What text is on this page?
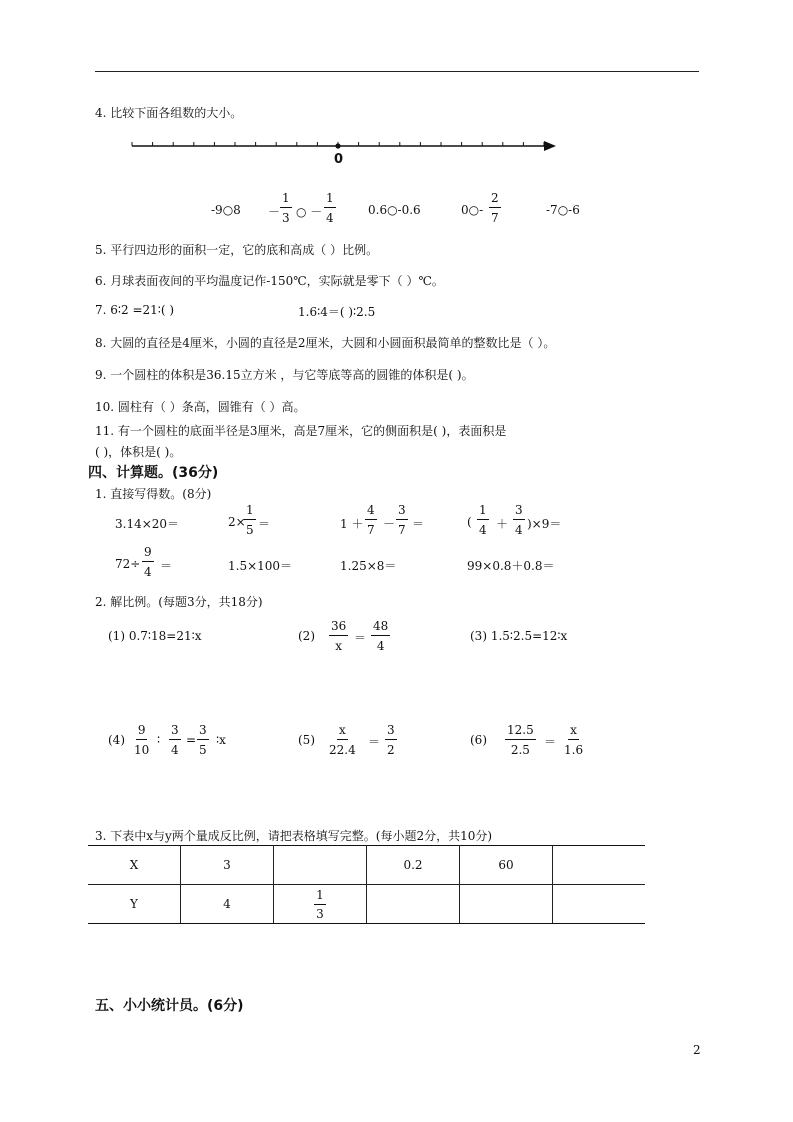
4. 比较下面各组数的大小。
0
-9○8 － $\frac{1}{3}$ ○ － $\frac{1}{4}$	0.6○-0.6	0○- $\frac{2}{7}$	-7○-6
5. 平行四边形的面积一定，它的底和高成（ ）比例。
6. 月球表面夜间的平均温度记作-150℃，实际就是零下（ ）℃。
7. 6∶2 =21∶( )	1.6∶4＝( )∶2.5
8. 大圆的直径是4厘米，小圆的直径是2厘米，大圆和小圆面积最简单的整数比是（ ）。
9. 一个圆柱的体积是36.15立方米 ，与它等底等高的圆锥的体积是( )。
10. 圆柱有（ ）条高，圆锥有（ ）高。
11. 有一个圆柱的底面半径是3厘米，高是7厘米，它的侧面积是( )，表面积是
( )，体积是( )。
四、计算题。(36分)
1. 直接写得数。(8分)
3.14×20＝	2×
$\frac{1}{5}$ ＝	$1 + \frac{4}{7} - \frac{3}{7}$ ＝	( $\frac{1}{4} + \frac{3}{4} )\times 9=$
$72\div \frac{9}{4}$ ＝	1.5×100＝	1.25×8＝	99×0.8＋0.8＝
2. 解比例。(每题3分，共18分)
(1) 0.7∶18=21∶x	$(2) \frac{36}{x} = \frac{48}{4}$	(3) 1.5∶2.5=12∶x
$(4) \frac{9}{10}$ ∶ $\frac{3}{4} = \frac{3}{5}$ ∶x	$(5) \frac{x}{22.4} = \frac{3}{2}$	$(6) \frac{12.5}{2.5} = \frac{x}{1.6}$
3. 下表中x与y两个量成反比例，请把表格填写完整。(每小题2分，共10分)
X	3		0.2	60	
Y	4	$\frac{1}{3}$

五、小小统计员。(6分)
2
